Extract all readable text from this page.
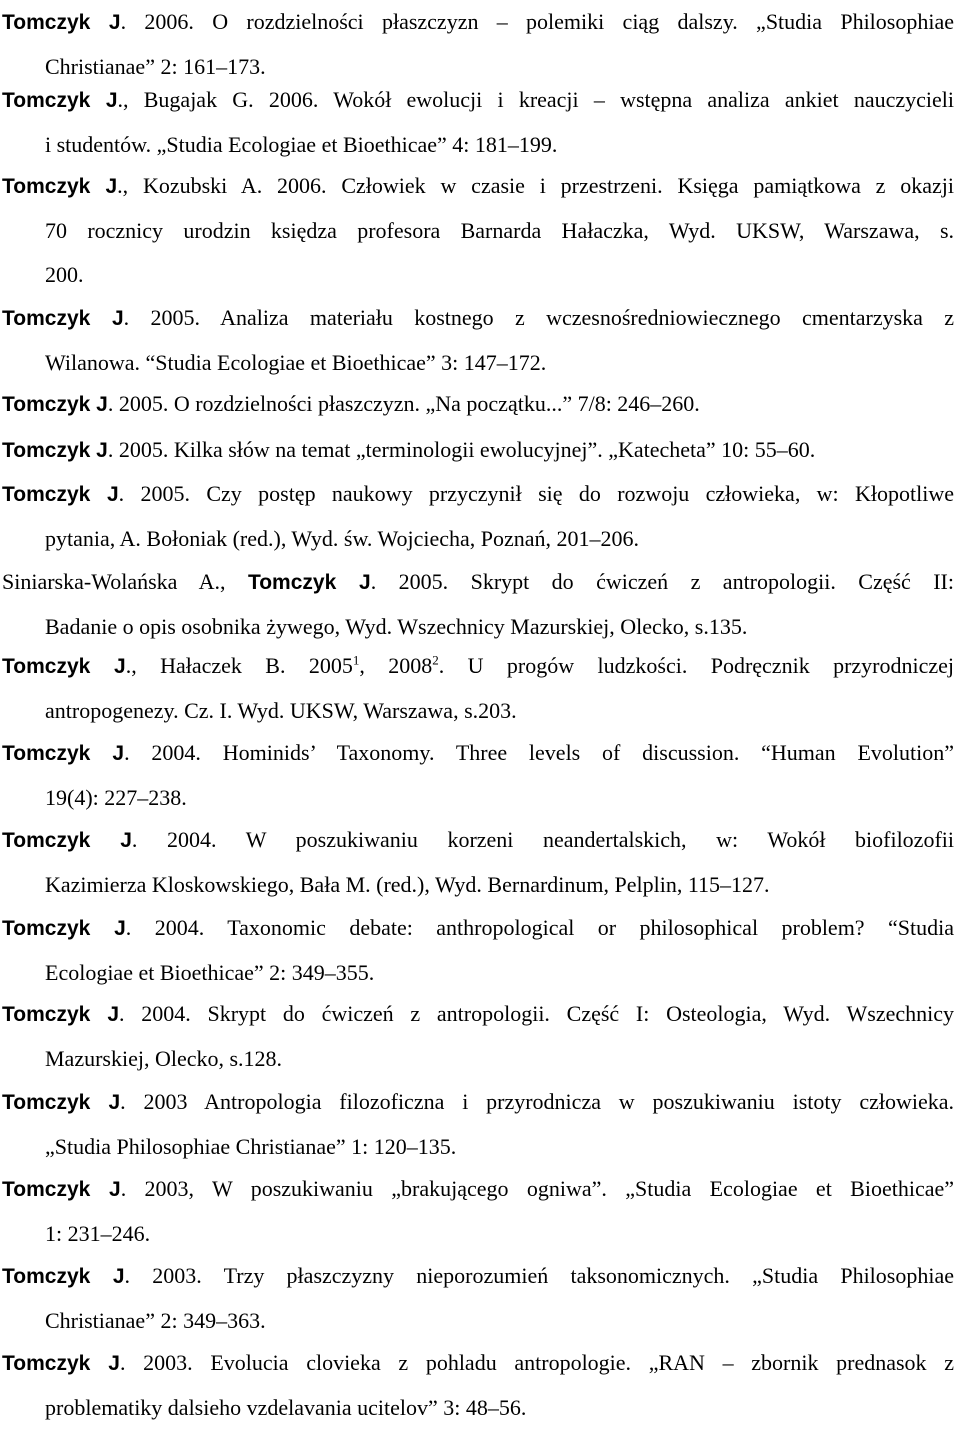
Tomczyk J. 2006. O rozdzielności płaszczyzn – polemiki ciąg dalszy. „Studia Philosophiae
Christianae” 2: 161–173.
Tomczyk J., Bugajak G. 2006. Wokół ewolucji i kreacji – wstępna analiza ankiet nauczycieli
i studentów. „Studia Ecologiae et Bioethicae” 4: 181–199.
Tomczyk J., Kozubski A. 2006. Człowiek w czasie i przestrzeni. Księga pamiątkowa z okazji
70 rocznicy urodzin księdza profesora Barnarda Hałaczka, Wyd. UKSW, Warszawa, s.
200.
Tomczyk J. 2005. Analiza materiału kostnego z wczesnośredniowiecznego cmentarzyska z
Wilanowa. “Studia Ecologiae et Bioethicae” 3: 147–172.
Tomczyk J. 2005. O rozdzielności płaszczyzn. „Na początku...” 7/8: 246–260.
Tomczyk J. 2005. Kilka słów na temat „terminologii ewolucyjnej”. „Katecheta” 10: 55–60.
Tomczyk J. 2005. Czy postęp naukowy przyczynił się do rozwoju człowieka, w: Kłopotliwe
pytania, A. Bołoniak (red.), Wyd. św. Wojciecha, Poznań, 201–206.
Siniarska-Wolańska A., Tomczyk J. 2005. Skrypt do ćwiczeń z antropologii. Część II:
Badanie o opis osobnika żywego, Wyd. Wszechnicy Mazurskiej, Olecko, s.135.
Tomczyk J., Hałaczek B. 2005$^1$, 2008$^2$. U progów ludzkości. Podręcznik przyrodniczej
antropogenezy. Cz. I. Wyd. UKSW, Warszawa, s.203.
Tomczyk J. 2004. Hominids’ Taxonomy. Three levels of discussion. “Human Evolution”
19(4): 227–238.
Tomczyk J. 2004. W poszukiwaniu korzeni neandertalskich, w: Wokół biofilozofii
Kazimierza Kloskowskiego, Bała M. (red.), Wyd. Bernardinum, Pelplin, 115–127.
Tomczyk J. 2004. Taxonomic debate: anthropological or philosophical problem? “Studia
Ecologiae et Bioethicae” 2: 349–355.
Tomczyk J. 2004. Skrypt do ćwiczeń z antropologii. Część I: Osteologia, Wyd. Wszechnicy
Mazurskiej, Olecko, s.128.
Tomczyk J. 2003 Antropologia filozoficzna i przyrodnicza w poszukiwaniu istoty człowieka.
„Studia Philosophiae Christianae” 1: 120–135.
Tomczyk J. 2003, W poszukiwaniu „brakującego ogniwa”. „Studia Ecologiae et Bioethicae”
1: 231–246.
Tomczyk J. 2003. Trzy płaszczyzny nieporozumień taksonomicznych. „Studia Philosophiae
Christianae” 2: 349–363.
Tomczyk J. 2003. Evolucia clovieka z pohladu antropologie. „RAN – zbornik prednasok z
problematiky dalsieho vzdelavania ucitelov” 3: 48–56.
